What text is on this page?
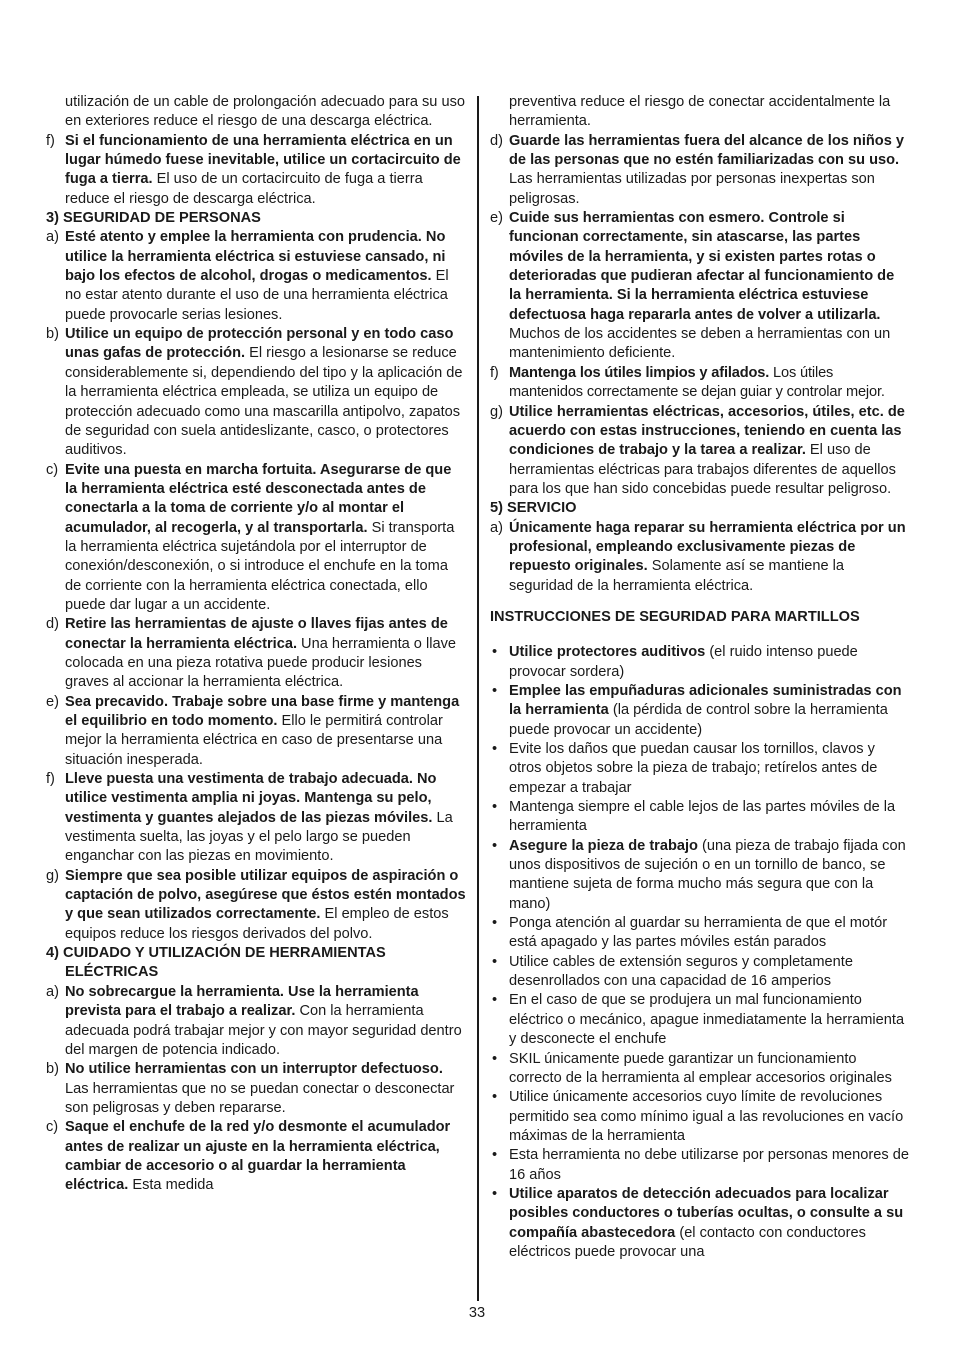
utilización de un cable de prolongación adecuado para su uso en exteriores reduce el riesgo de una descarga eléctrica.
f) Si el funcionamiento de una herramienta eléctrica en un lugar húmedo fuese inevitable, utilice un cortacircuito de fuga a tierra. El uso de un cortacircuito de fuga a tierra reduce el riesgo de descarga eléctrica.
3) SEGURIDAD DE PERSONAS
a) Esté atento y emplee la herramienta con prudencia. No utilice la herramienta eléctrica si estuviese cansado, ni bajo los efectos de alcohol, drogas o medicamentos. El no estar atento durante el uso de una herramienta eléctrica puede provocarle serias lesiones.
b) Utilice un equipo de protección personal y en todo caso unas gafas de protección. El riesgo a lesionarse se reduce considerablemente si, dependiendo del tipo y la aplicación de la herramienta eléctrica empleada, se utiliza un equipo de protección adecuado como una mascarilla antipolvo, zapatos de seguridad con suela antideslizante, casco, o protectores auditivos.
c) Evite una puesta en marcha fortuita. Asegurarse de que la herramienta eléctrica esté desconectada antes de conectarla a la toma de corriente y/o al montar el acumulador, al recogerla, y al transportarla. Si transporta la herramienta eléctrica sujetándola por el interruptor de conexión/desconexión, o si introduce el enchufe en la toma de corriente con la herramienta eléctrica conectada, ello puede dar lugar a un accidente.
d) Retire las herramientas de ajuste o llaves fijas antes de conectar la herramienta eléctrica. Una herramienta o llave colocada en una pieza rotativa puede producir lesiones graves al accionar la herramienta eléctrica.
e) Sea precavido. Trabaje sobre una base firme y mantenga el equilibrio en todo momento. Ello le permitirá controlar mejor la herramienta eléctrica en caso de presentarse una situación inesperada.
f) Lleve puesta una vestimenta de trabajo adecuada. No utilice vestimenta amplia ni joyas. Mantenga su pelo, vestimenta y guantes alejados de las piezas móviles. La vestimenta suelta, las joyas y el pelo largo se pueden enganchar con las piezas en movimiento.
g) Siempre que sea posible utilizar equipos de aspiración o captación de polvo, asegúrese que éstos estén montados y que sean utilizados correctamente. El empleo de estos equipos reduce los riesgos derivados del polvo.
4) CUIDADO Y UTILIZACIÓN DE HERRAMIENTAS ELÉCTRICAS
a) No sobrecargue la herramienta. Use la herramienta prevista para el trabajo a realizar. Con la herramienta adecuada podrá trabajar mejor y con mayor seguridad dentro del margen de potencia indicado.
b) No utilice herramientas con un interruptor defectuoso. Las herramientas que no se puedan conectar o desconectar son peligrosas y deben repararse.
c) Saque el enchufe de la red y/o desmonte el acumulador antes de realizar un ajuste en la herramienta eléctrica, cambiar de accesorio o al guardar la herramienta eléctrica. Esta medida
preventiva reduce el riesgo de conectar accidentalmente la herramienta.
d) Guarde las herramientas fuera del alcance de los niños y de las personas que no estén familiarizadas con su uso. Las herramientas utilizadas por personas inexpertas son peligrosas.
e) Cuide sus herramientas con esmero. Controle si funcionan correctamente, sin atascarse, las partes móviles de la herramienta, y si existen partes rotas o deterioradas que pudieran afectar al funcionamiento de la herramienta. Si la herramienta eléctrica estuviese defectuosa haga repararla antes de volver a utilizarla. Muchos de los accidentes se deben a herramientas con un mantenimiento deficiente.
f) Mantenga los útiles limpios y afilados. Los útiles mantenidos correctamente se dejan guiar y controlar mejor.
g) Utilice herramientas eléctricas, accesorios, útiles, etc. de acuerdo con estas instrucciones, teniendo en cuenta las condiciones de trabajo y la tarea a realizar. El uso de herramientas eléctricas para trabajos diferentes de aquellos para los que han sido concebidas puede resultar peligroso.
5) SERVICIO
a) Únicamente haga reparar su herramienta eléctrica por un profesional, empleando exclusivamente piezas de repuesto originales. Solamente así se mantiene la seguridad de la herramienta eléctrica.
INSTRUCCIONES DE SEGURIDAD PARA MARTILLOS
• Utilice protectores auditivos (el ruido intenso puede provocar sordera)
• Emplee las empuñaduras adicionales suministradas con la herramienta (la pérdida de control sobre la herramienta puede provocar un accidente)
• Evite los daños que puedan causar los tornillos, clavos y otros objetos sobre la pieza de trabajo; retírelos antes de empezar a trabajar
• Mantenga siempre el cable lejos de las partes móviles de la herramienta
• Asegure la pieza de trabajo (una pieza de trabajo fijada con unos dispositivos de sujeción o en un tornillo de banco, se mantiene sujeta de forma mucho más segura que con la mano)
• Ponga atención al guardar su herramienta de que el motór está apagado y las partes móviles están parados
• Utilice cables de extensión seguros y completamente desenrollados con una capacidad de 16 amperios
• En el caso de que se produjera un mal funcionamiento eléctrico o mecánico, apague inmediatamente la herramienta y desconecte el enchufe
• SKIL únicamente puede garantizar un funcionamiento correcto de la herramienta al emplear accesorios originales
• Utilice únicamente accesorios cuyo límite de revoluciones permitido sea como mínimo igual a las revoluciones en vacío máximas de la herramienta
• Esta herramienta no debe utilizarse por personas menores de 16 años
• Utilice aparatos de detección adecuados para localizar posibles conductores o tuberías ocultas, o consulte a su compañía abastecedora (el contacto con conductores eléctricos puede provocar una
33
